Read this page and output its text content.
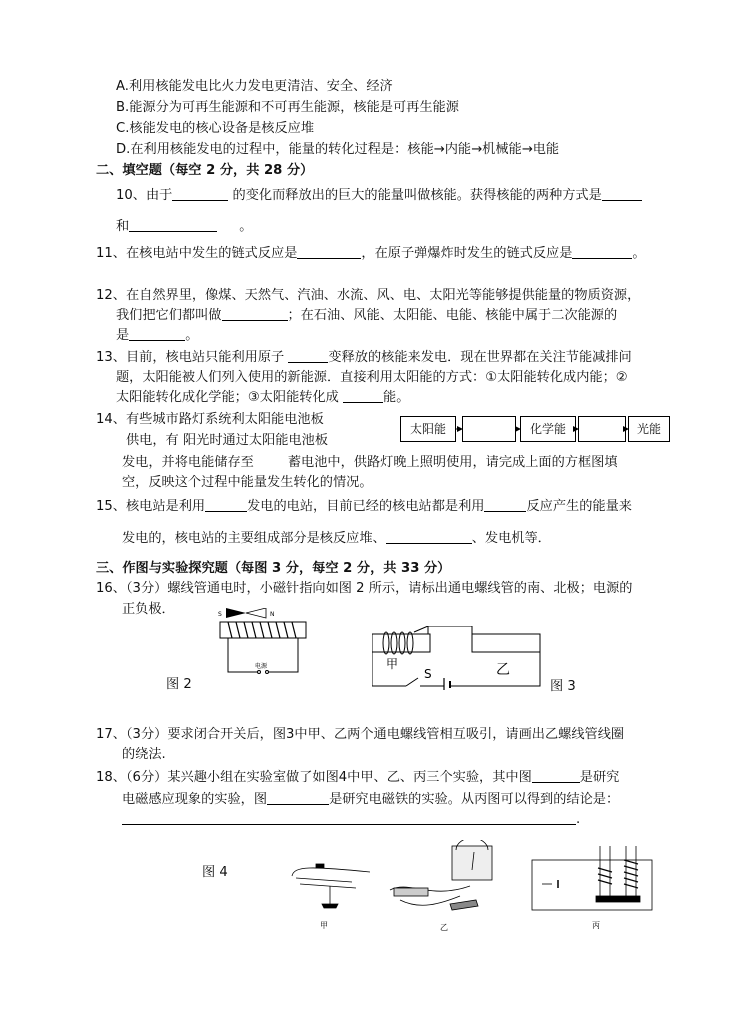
A.利用核能发电比火力发电更清洁、安全、经济
B.能源分为可再生能源和不可再生能源，核能是可再生能源
C.核能发电的核心设备是核反应堆
D.在利用核能发电的过程中，能量的转化过程是：核能→内能→机械能→电能
二、填空题（每空 2 分，共 28 分）
10、由于	的变化而释放出的巨大的能量叫做核能。获得核能的两种方式是
和	。
11、在核电站中发生的链式反应是	，在原子弹爆炸时发生的链式反应是	。
12、在自然界里，像煤、天然气、汽油、水流、风、电、太阳光等能够提供能量的物质资源，
我们把它们都叫做	；在石油、风能、太阳能、电能、核能中属于二次能源的
是	。
13、目前，核电站只能利用原子	变释放的核能来发电．现在世界都在关注节能减排问
题，太阳能被人们列入使用的新能源．直接利用太阳能的方式：①太阳能转化成内能；②
太阳能转化成化学能；③太阳能转化成	能。
14、有些城市路灯系统利太阳能电池板
供电，有 阳光时通过太阳能电池板
发电，并将电能储存至	蓄电池中，供路灯晚上照明使用，请完成上面的方框图填
空，反映这个过程中能量发生转化的情况。
太阳能	化学能	光能
15、核电站是利用	发电的电站，目前已经的核电站都是利用	反应产生的能量来
发电的，核电站的主要组成部分是核反应堆、	、发电机等．
三、作图与实验探究题（每图 3 分，每空 2 分，共 33 分）
16、（3分）螺线管通电时，小磁针指向如图 2 所示，请标出通电螺线管的南、北极；电源的
正负极．	S	N
电源
图 2
甲
S	乙
图 3
17、（3分）要求闭合开关后，图3中甲、乙两个通电螺线管相互吸引，请画出乙螺线管线圈
的绕法.
18、（6分）某兴趣小组在实验室做了如图4中甲、乙、丙三个实验，其中图	是研究
电磁感应现象的实验，图	是研究电磁铁的实验。从丙图可以得到的结论是：
.
图 4
甲	乙	丙
